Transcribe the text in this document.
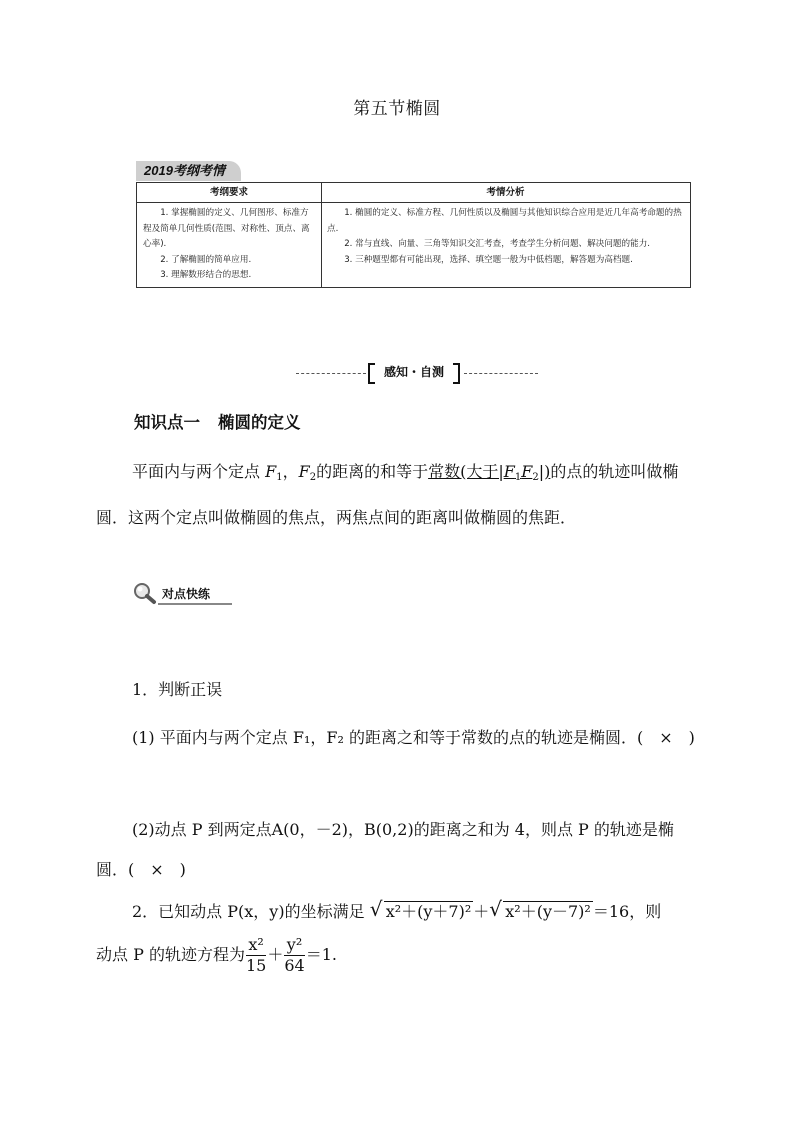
第五节椭圆
2019考纲考情
考纲要求	考情分析

1. 掌握椭圆的定义、几何图形、标准方程及简单几何性质(范围、对称性、顶点、离心率).

2. 了解椭圆的简单应用.

3. 理解数形结合的思想.

1. 椭圆的定义、标准方程、几何性质以及椭圆与其他知识综合应用是近几年高考命题的热点.

2. 常与直线、向量、三角等知识交汇考查，考查学生分析问题、解决问题的能力.

3. 三种题型都有可能出现，选择、填空题一般为中低档题，解答题为高档题.

感知・自测
知识点一 椭圆的定义
平面内与两个定点 $F_1$，$F_2$的距离的和等于常数(大于$|F_1F_2|$)的点的轨迹叫做椭圆．这两个定点叫做椭圆的焦点，两焦点间的距离叫做椭圆的焦距．
对点快练
1．判断正误
(1) 平面内与两个定点 F₁，F₂ 的距离之和等于常数的点的轨迹是椭圆．(　×　)
(2)动点 P 到两定点A(0，－2)，B(0,2)的距离之和为 4，则点 P 的轨迹是椭圆．(　×　)
2．已知动点 P(x，y)的坐标满足 √ x²＋(y＋7)² ＋ √ x²＋(y－7)² ＝16，则
动点 P 的轨迹方程为 $\frac{\text{x²}}{15} + \frac{\text{y²}}{64} =1$.
